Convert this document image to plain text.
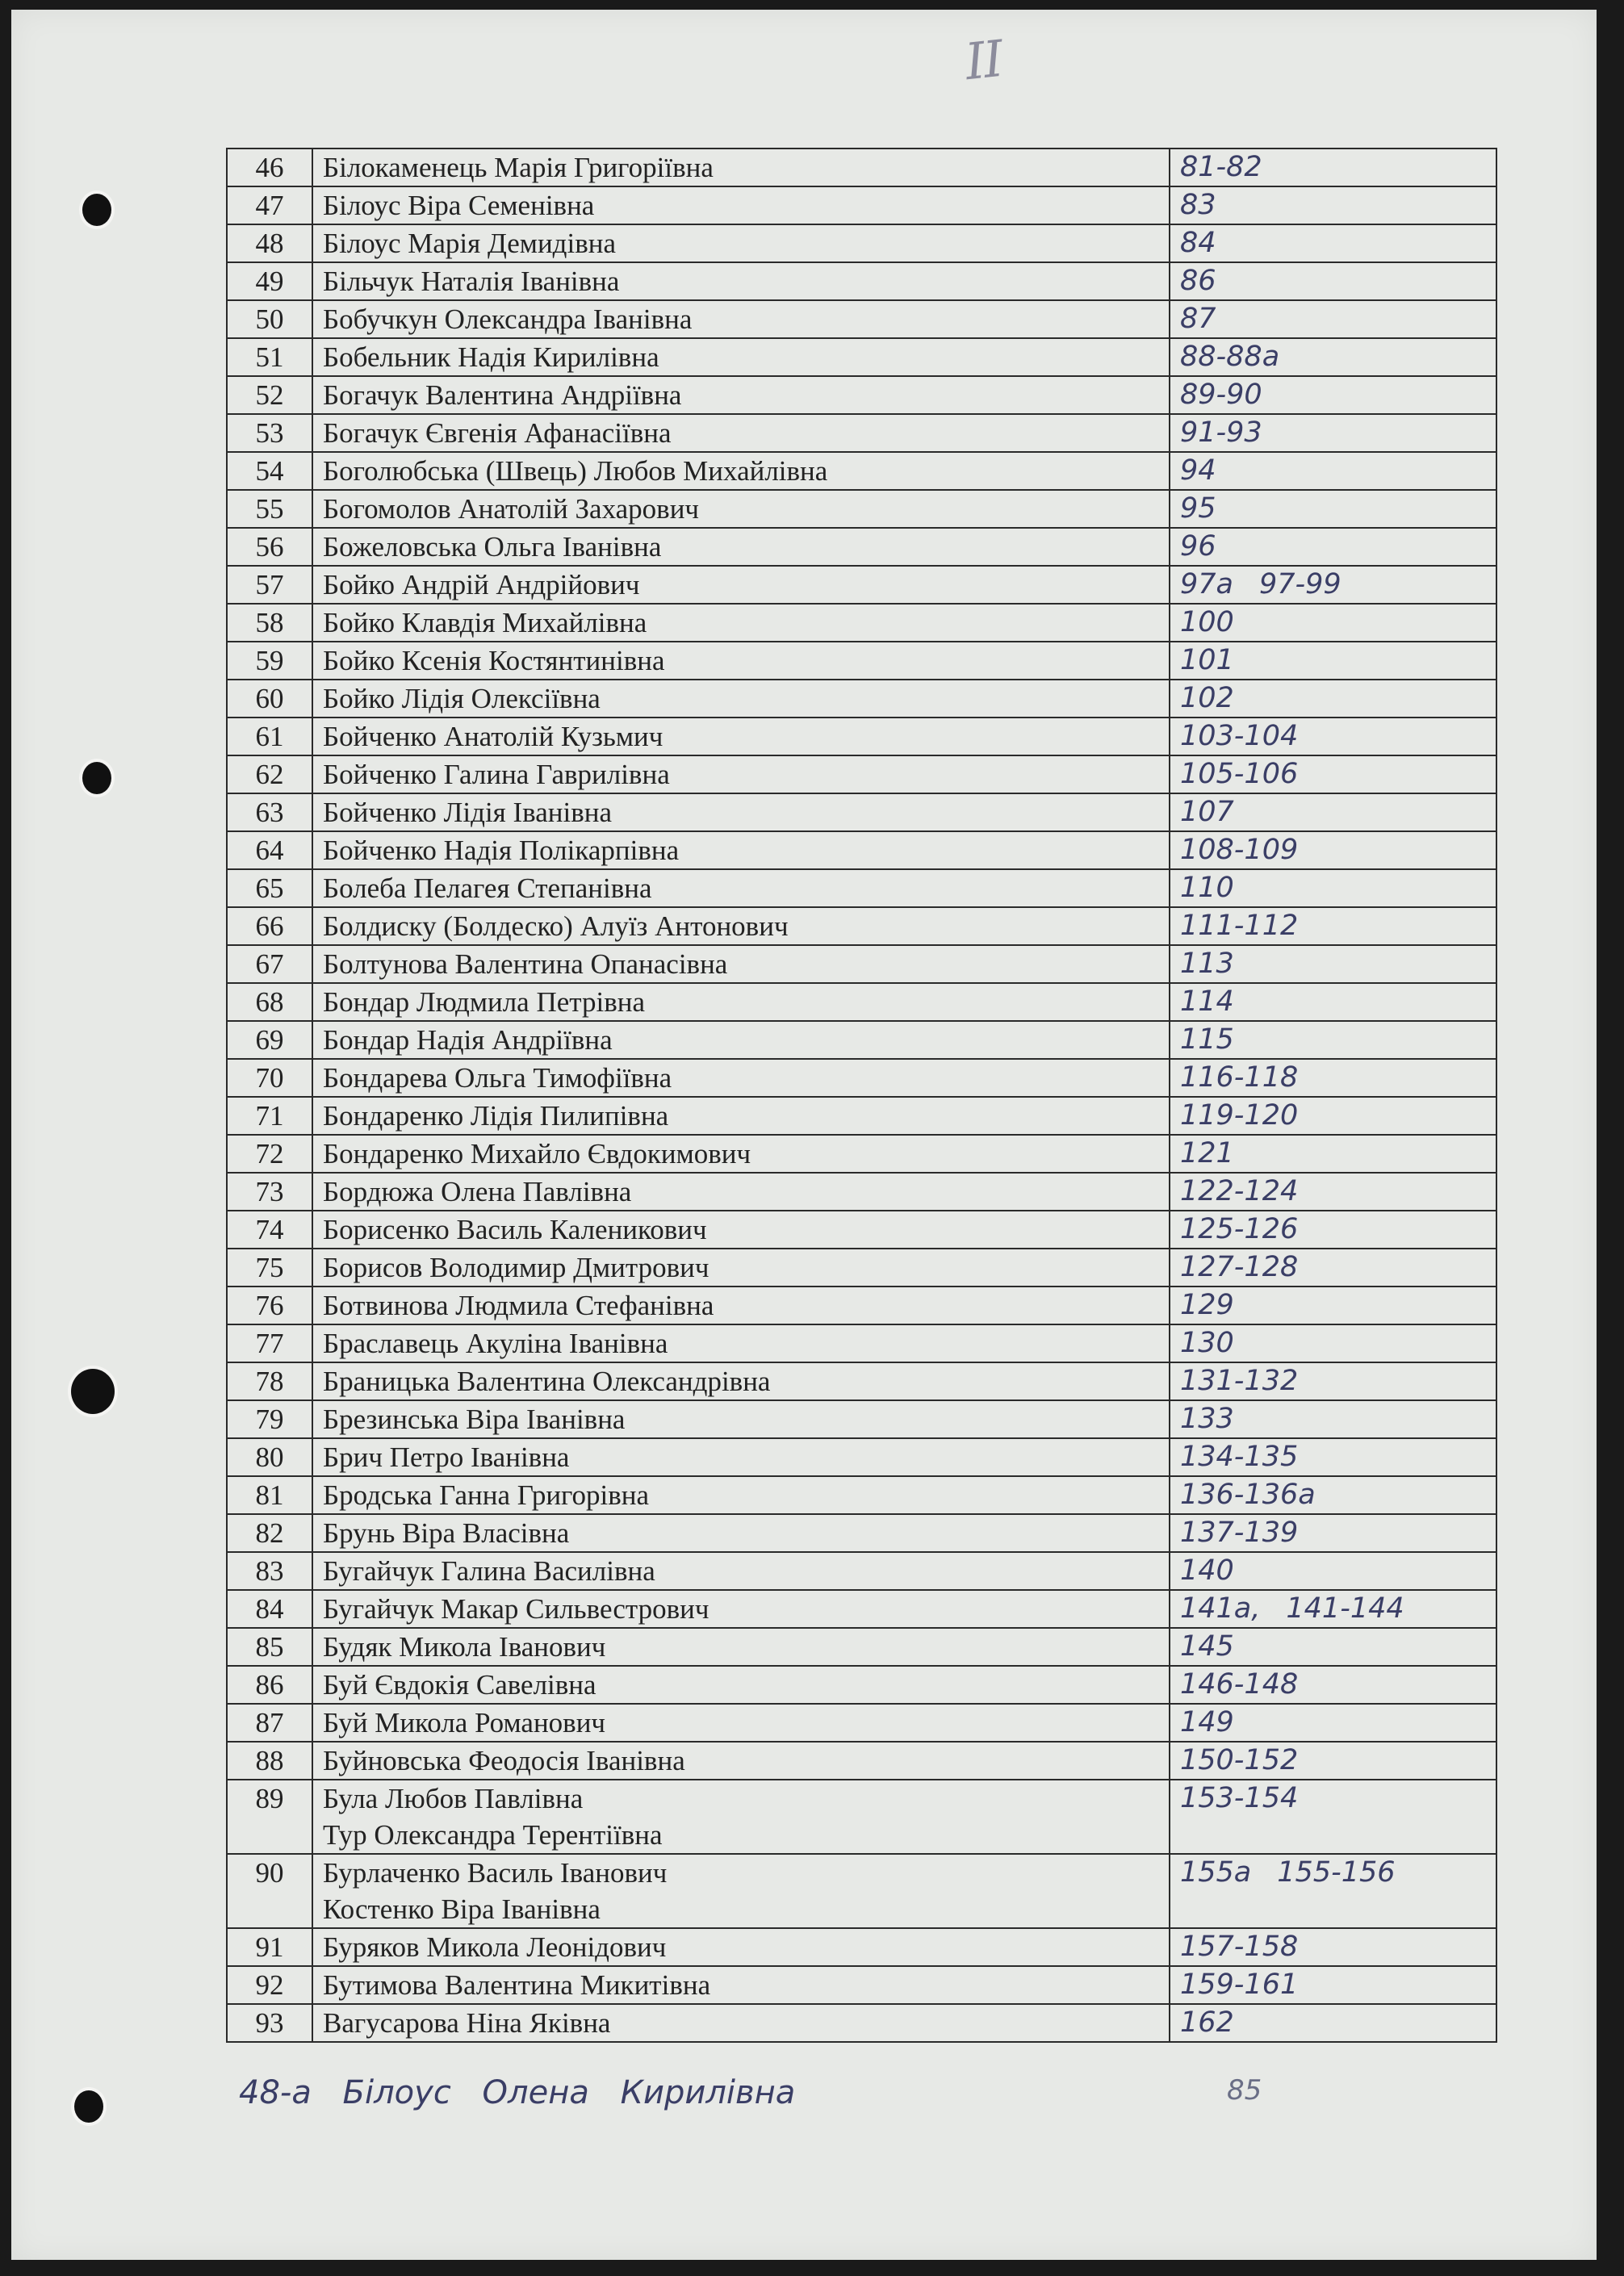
II
46	Білокаменець Марія Григоріївна	81-82
47	Білоус Віра Семенівна	83
48	Білоус Марія Демидівна	84
49	Більчук Наталія Іванівна	86
50	Бобучкун Олександра Іванівна	87
51	Бобельник Надія Кирилівна	88-88а
52	Богачук Валентина Андріївна	89-90
53	Богачук Євгенія Афанасіївна	91-93
54	Боголюбська (Швець) Любов Михайлівна	94
55	Богомолов Анатолій Захарович	95
56	Божеловська Ольга Іванівна	96
57	Бойко Андрій Андрійович	97а 97-99
58	Бойко Клавдія Михайлівна	100
59	Бойко Ксенія Костянтинівна	101
60	Бойко Лідія Олексіївна	102
61	Бойченко Анатолій Кузьмич	103-104
62	Бойченко Галина Гаврилівна	105-106
63	Бойченко Лідія Іванівна	107
64	Бойченко Надія Полікарпівна	108-109
65	Болеба Пелагея Степанівна	110
66	Болдиску (Болдеско) Алуїз Антонович	111-112
67	Болтунова Валентина Опанасівна	113
68	Бондар Людмила Петрівна	114
69	Бондар Надія Андріївна	115
70	Бондарева Ольга Тимофіївна	116-118
71	Бондаренко Лідія Пилипівна	119-120
72	Бондаренко Михайло Євдокимович	121
73	Бордюжа Олена Павлівна	122-124
74	Борисенко Василь Каленикович	125-126
75	Борисов Володимир Дмитрович	127-128
76	Ботвинова Людмила Стефанівна	129
77	Браславець Акуліна Іванівна	130
78	Браницька Валентина Олександрівна	131-132
79	Брезинська Віра Іванівна	133
80	Брич Петро Іванівна	134-135
81	Бродська Ганна Григорівна	136-136а
82	Брунь Віра Власівна	137-139
83	Бугайчук Галина Василівна	140
84	Бугайчук Макар Сильвестрович	141а, 141-144
85	Будяк Микола Іванович	145
86	Буй Євдокія Савелівна	146-148
87	Буй Микола Романович	149
88	Буйновська Феодосія Іванівна	150-152
89	Була Любов Павлівна
Тур Олександра Терентіївна	153-154
90	Бурлаченко Василь Іванович
Костенко Віра Іванівна	155а 155-156
91	Буряков Микола Леонідович	157-158
92	Бутимова Валентина Микитівна	159-161
93	Вагусарова Ніна Яківна	162
48-а Білоус Олена Кирилівна	85
